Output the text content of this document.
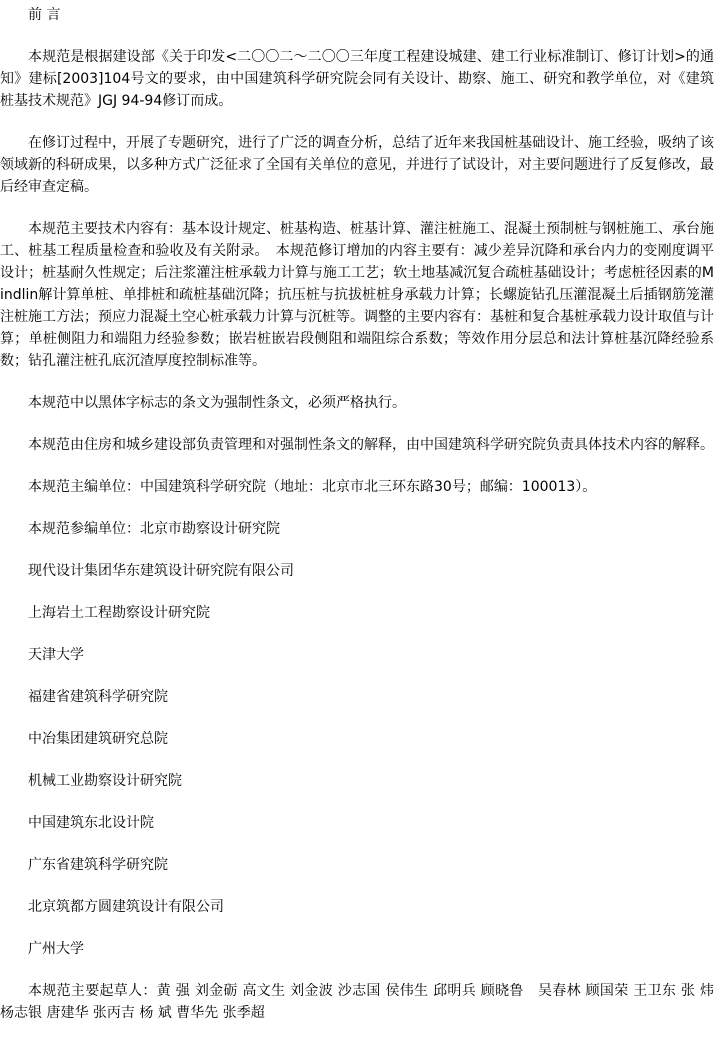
前 言

本规范是根据建设部《关于印发<二〇〇二～二〇〇三年度工程建设城建、建工行业标准制订、修订计划>的通知》建标[2003]104号文的要求，由中国建筑科学研究院会同有关设计、勘察、施工、研究和教学单位，对《建筑桩基技术规范》JGJ 94-94修订而成。

在修订过程中，开展了专题研究，进行了广泛的调查分析，总结了近年来我国桩基础设计、施工经验，吸纳了该领域新的科研成果，以多种方式广泛征求了全国有关单位的意见，并进行了试设计，对主要问题进行了反复修改，最后经审查定稿。

本规范主要技术内容有：基本设计规定、桩基构造、桩基计算、灌注桩施工、混凝土预制桩与钢桩施工、承台施工、桩基工程质量检查和验收及有关附录。　本规范修订增加的内容主要有：减少差异沉降和承台内力的变刚度调平设计；桩基耐久性规定；后注浆灌注桩承载力计算与施工工艺；软土地基减沉复合疏桩基础设计；考虑桩径因素的Mindlin解计算单桩、单排桩和疏桩基础沉降；抗压桩与抗拔桩桩身承载力计算；长螺旋钻孔压灌混凝土后插钢筋笼灌注桩施工方法；预应力混凝土空心桩承载力计算与沉桩等。调整的主要内容有：基桩和复合基桩承载力设计取值与计算；单桩侧阻力和端阻力经验参数；嵌岩桩嵌岩段侧阻和端阻综合系数；等效作用分层总和法计算桩基沉降经验系数；钻孔灌注桩孔底沉渣厚度控制标准等。

本规范中以黑体字标志的条文为强制性条文，必须严格执行。

本规范由住房和城乡建设部负责管理和对强制性条文的解释，由中国建筑科学研究院负责具体技术内容的解释。

本规范主编单位：中国建筑科学研究院（地址：北京市北三环东路30号；邮编：100013）。

本规范参编单位：北京市勘察设计研究院

现代设计集团华东建筑设计研究院有限公司

上海岩土工程勘察设计研究院

天津大学

福建省建筑科学研究院

中冶集团建筑研究总院

机械工业勘察设计研究院

中国建筑东北设计院

广东省建筑科学研究院

北京筑都方圆建筑设计有限公司

广州大学

本规范主要起草人：黄 强 刘金砺 高文生 刘金波 沙志国 侯伟生 邱明兵 顾晓鲁　吴春林 顾国荣 王卫东 张 炜 杨志银 唐建华 张丙吉 杨 斌 曹华先 张季超
